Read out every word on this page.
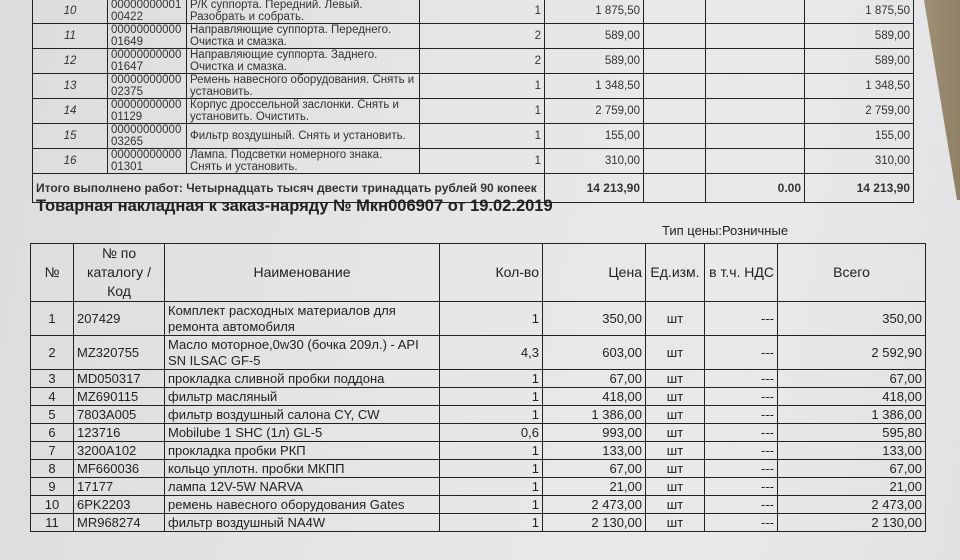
10	00000000001 00422	Р/К суппорта. Передний. Левый. Разобрать и собрать.	1	1 875,50			1 875,50
11	00000000000 01649	Направляющие суппорта. Переднего. Очистка и смазка.	2	589,00			589,00
12	00000000000 01647	Направляющие суппорта. Заднего. Очистка и смазка.	2	589,00			589,00
13	00000000000 02375	Ремень навесного оборудования. Снять и установить.	1	1 348,50			1 348,50
14	00000000000 01129	Корпус дроссельной заслонки. Снять и установить. Очистить.	1	2 759,00			2 759,00
15	00000000000 03265	Фильтр воздушный. Снять и установить.	1	155,00			155,00
16	00000000000 01301	Лампа. Подсветки номерного знака. Снять и установить.	1	310,00			310,00
Итого выполнено работ: Четырнадцать тысяч двести тринадцать рублей 90 копеек				14 213,90		0.00	14 213,90
Товарная накладная к заказ-наряду № Мкн006907 от 19.02.2019
Тип цены:Розничные
№	№ по каталогу / Код	Наименование	Кол-во	Цена	Ед.изм.	в т.ч. НДС	Всего
1	207429	Комплект расходных материалов для ремонта автомобиля	1	350,00	шт	---	350,00
2	MZ320755	Масло моторное,0w30 (бочка 209л.) - API SN ILSAC GF-5	4,3	603,00	шт	---	2 592,90
3	MD050317	прокладка сливной пробки поддона	1	67,00	шт	---	67,00
4	MZ690115	фильтр масляный	1	418,00	шт	---	418,00
5	7803A005	фильтр воздушный салона CY, CW	1	1 386,00	шт	---	1 386,00
6	123716	Mobilube 1 SHC (1л) GL-5	0,6	993,00	шт	---	595,80
7	3200A102	прокладка пробки РКП	1	133,00	шт	---	133,00
8	MF660036	кольцо уплотн. пробки МКПП	1	67,00	шт	---	67,00
9	17177	лампа 12V-5W NARVA	1	21,00	шт	---	21,00
10	6PK2203	ремень навесного оборудования Gates	1	2 473,00	шт	---	2 473,00
11	MR968274	фильтр воздушный NA4W	1	2 130,00	шт	---	2 130,00
